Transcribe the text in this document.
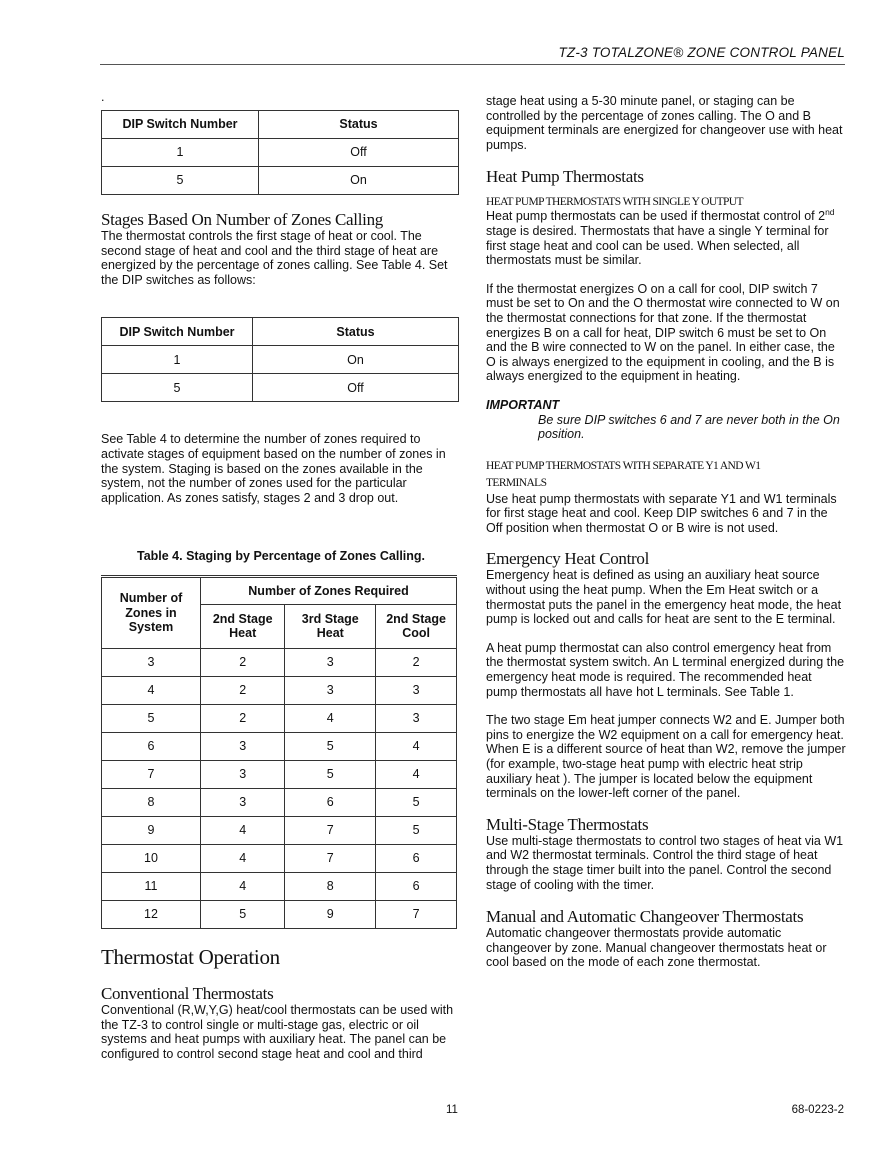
TZ-3 TOTALZONE® ZONE CONTROL PANEL
.
DIP Switch Number	Status
1	Off
5	On
Stages Based On Number of Zones Calling

The thermostat controls the first stage of heat or cool. The second stage of heat and cool and the third stage of heat are energized by the percentage of zones calling. See Table 4. Set the DIP switches as follows:

DIP Switch Number	Status
1	On
5	Off

See Table 4 to determine the number of zones required to activate stages of equipment based on the number of zones in the system. Staging is based on the zones available in the system, not the number of zones used for the particular application. As zones satisfy, stages 2 and 3 drop out.

Table 4. Staging by Percentage of Zones Calling.
Number of Zones in System	Number of Zones Required		
	2nd Stage Heat	3rd Stage Heat	2nd Stage Cool
3	2	3	2
4	2	3	3
5	2	4	3
6	3	5	4
7	3	5	4
8	3	6	5
9	4	7	5
10	4	7	6
11	4	8	6
12	5	9	7
Thermostat Operation
Conventional Thermostats

Conventional (R,W,Y,G) heat/cool thermostats can be used with the TZ-3 to control single or multi-stage gas, electric or oil systems and heat pumps with auxiliary heat. The panel can be configured to control second stage heat and cool and third

stage heat using a 5-30 minute panel, or staging can be controlled by the percentage of zones calling. The O and B equipment terminals are energized for changeover use with heat pumps.

Heat Pump Thermostats
HEAT PUMP THERMOSTATS WITH SINGLE Y OUTPUT

Heat pump thermostats can be used if thermostat control of 2nd stage is desired. Thermostats that have a single Y terminal for first stage heat and cool can be used. When selected, all thermostats must be similar.

If the thermostat energizes O on a call for cool, DIP switch 7 must be set to On and the O thermostat wire connected to W on the thermostat connections for that zone. If the thermostat energizes B on a call for heat, DIP switch 6 must be set to On and the B wire connected to W on the panel. In either case, the O is always energized to the equipment in cooling, and the B is always energized to the equipment in heating.

IMPORTANT
Be sure DIP switches 6 and 7 are never both in the On position.
HEAT PUMP THERMOSTATS WITH SEPARATE Y1 AND W1 TERMINALS

Use heat pump thermostats with separate Y1 and W1 terminals for first stage heat and cool. Keep DIP switches 6 and 7 in the Off position when thermostat O or B wire is not used.

Emergency Heat Control

Emergency heat is defined as using an auxiliary heat source without using the heat pump. When the Em Heat switch or a thermostat puts the panel in the emergency heat mode, the heat pump is locked out and calls for heat are sent to the E terminal.

A heat pump thermostat can also control emergency heat from the thermostat system switch. An L terminal energized during the emergency heat mode is required. The recommended heat pump thermostats all have hot L terminals. See Table 1.

The two stage Em heat jumper connects W2 and E. Jumper both pins to energize the W2 equipment on a call for emergency heat. When E is a different source of heat than W2, remove the jumper (for example, two-stage heat pump with electric heat strip auxiliary heat ). The jumper is located below the equipment terminals on the lower-left corner of the panel.

Multi-Stage Thermostats

Use multi-stage thermostats to control two stages of heat via W1 and W2 thermostat terminals. Control the third stage of heat through the stage timer built into the panel. Control the second stage of cooling with the timer.

Manual and Automatic Changeover Thermostats

Automatic changeover thermostats provide automatic changeover by zone. Manual changeover thermostats heat or cool based on the mode of each zone thermostat.

11	68-0223-2
